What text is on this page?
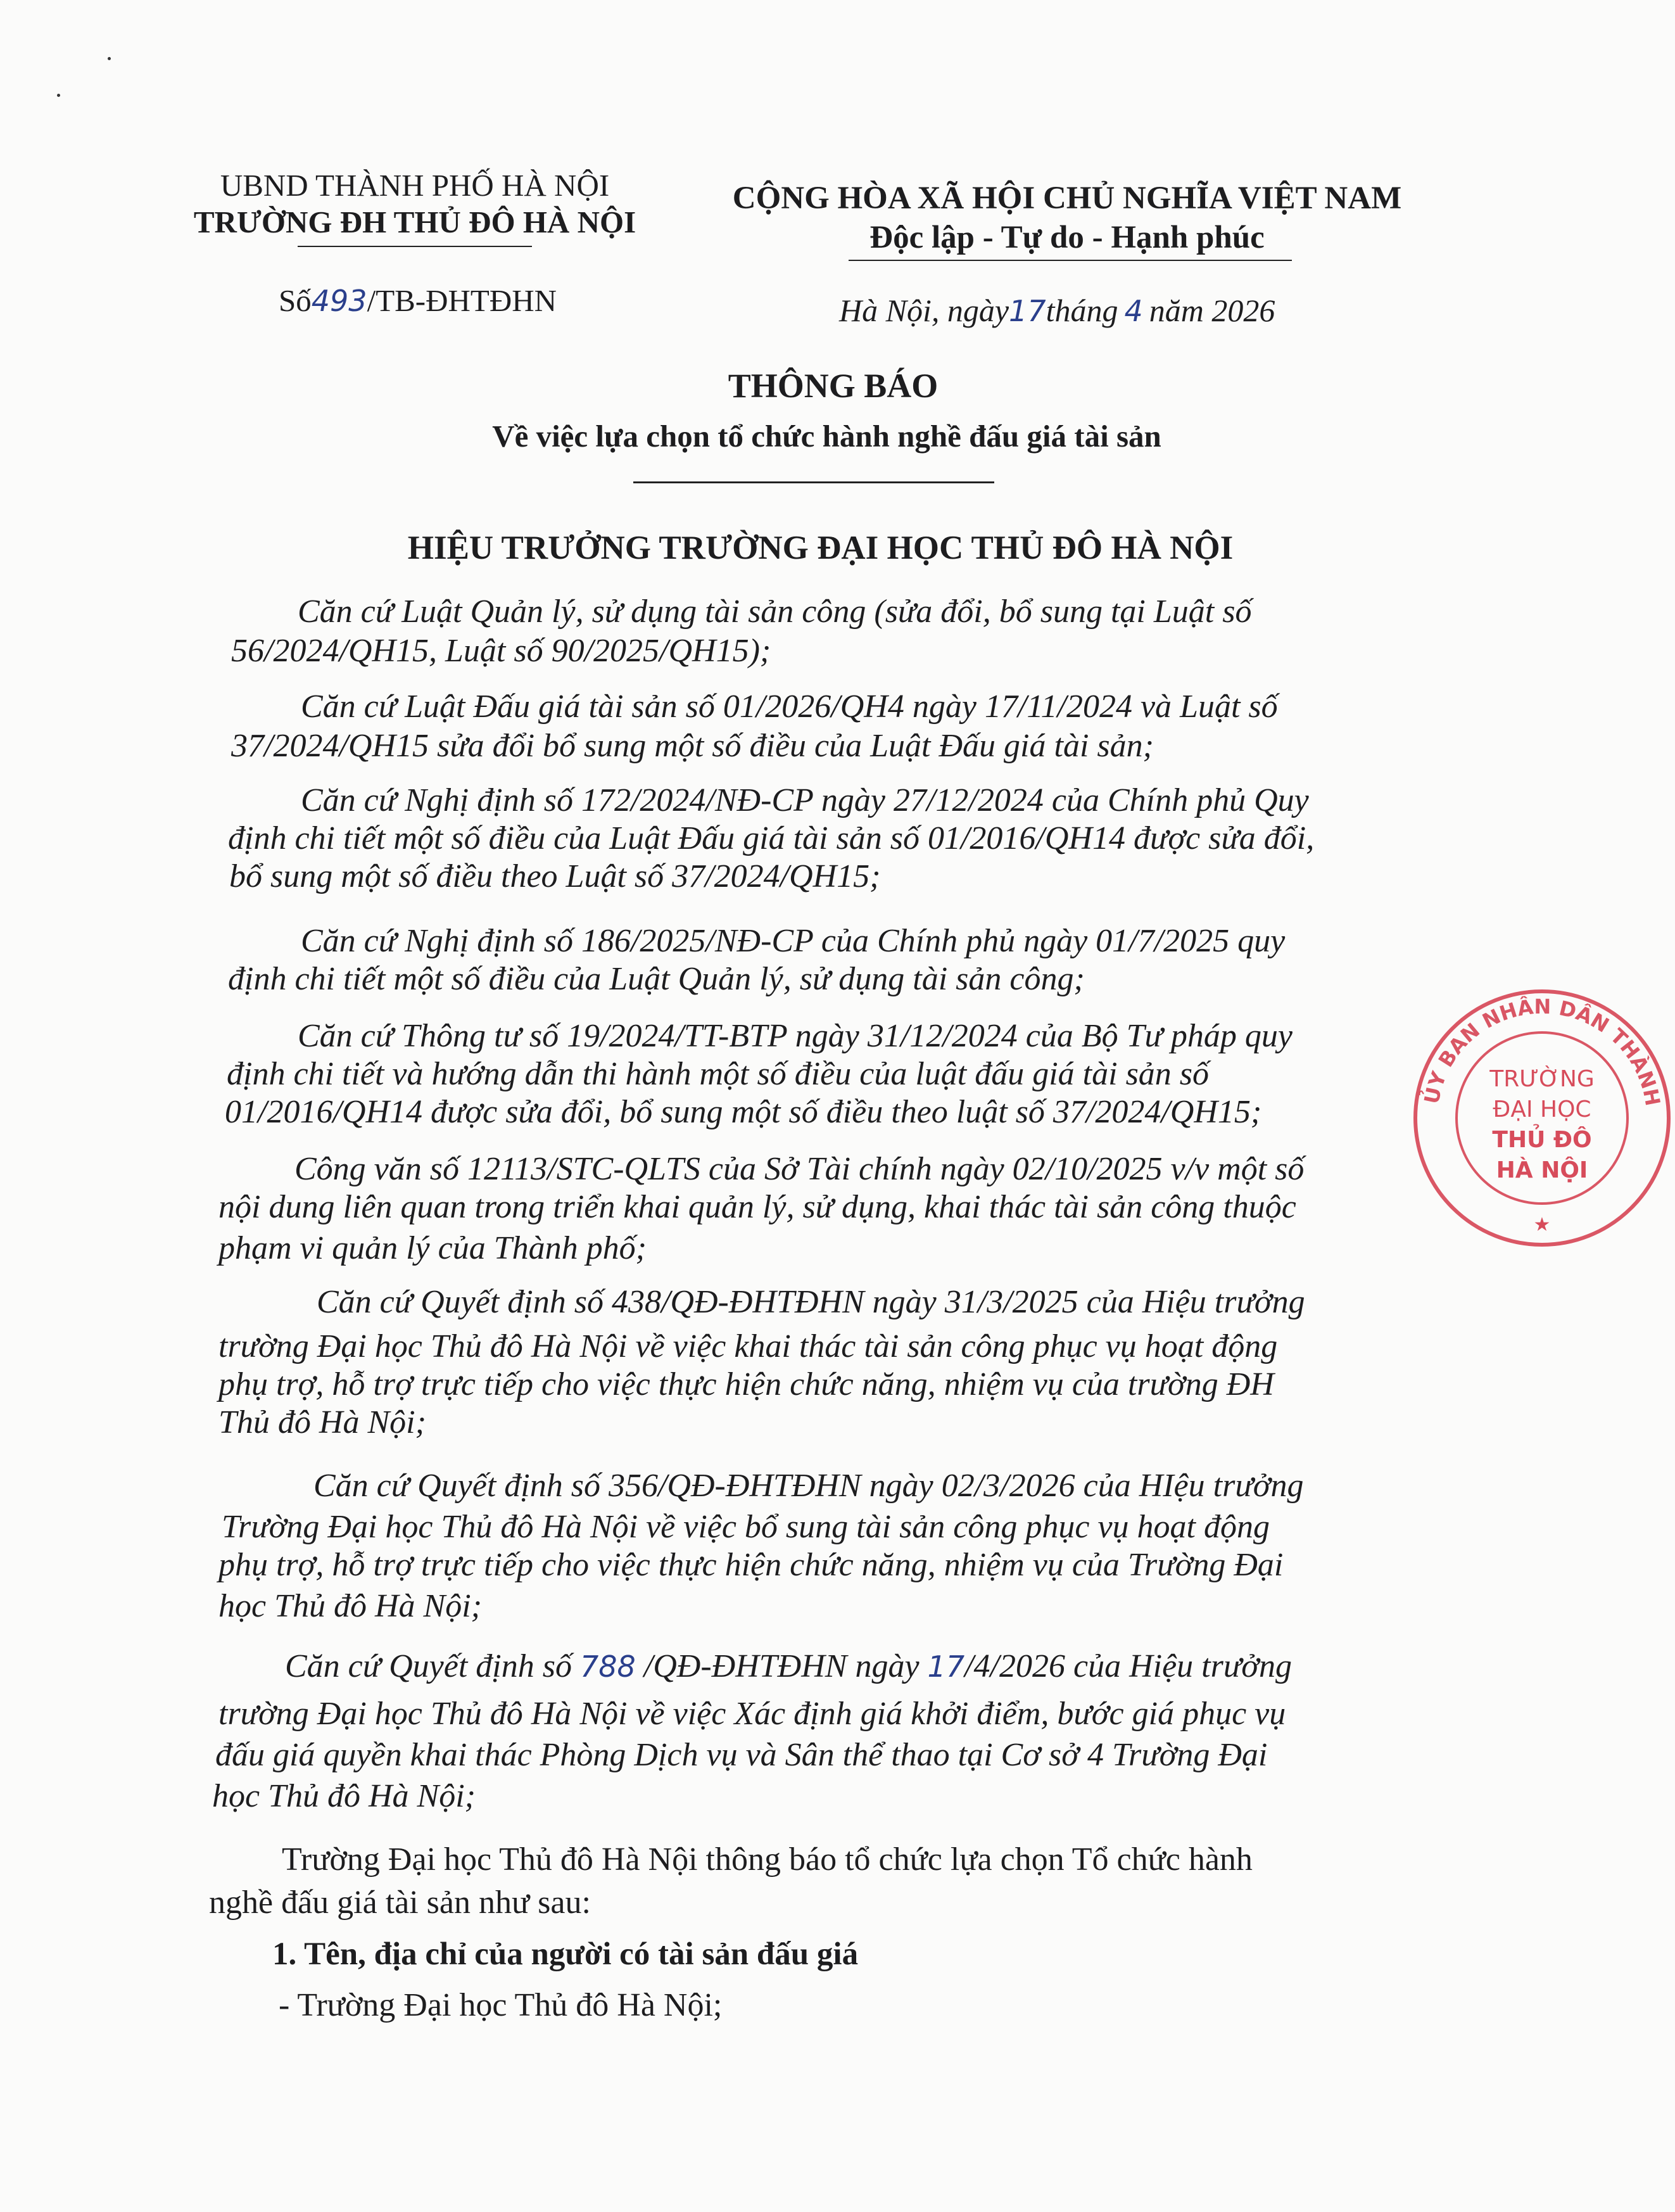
UBND THÀNH PHỐ HÀ NỘI
TRƯỜNG ĐH THỦ ĐÔ HÀ NỘI
Số493/TB-ĐHTĐHN
CỘNG HÒA XÃ HỘI CHỦ NGHĨA VIỆT NAM
Độc lập - Tự do - Hạnh phúc
Hà Nội, ngày17tháng 4 năm 2026
THÔNG BÁO
Về việc lựa chọn tổ chức hành nghề đấu giá tài sản
HIỆU TRƯỞNG TRƯỜNG ĐẠI HỌC THỦ ĐÔ HÀ NỘI
Căn cứ Luật Quản lý, sử dụng tài sản công (sửa đổi, bổ sung tại Luật số
56/2024/QH15, Luật số 90/2025/QH15);
Căn cứ Luật Đấu giá tài sản số 01/2026/QH4 ngày 17/11/2024 và Luật số
37/2024/QH15 sửa đổi bổ sung một số điều của Luật Đấu giá tài sản;
Căn cứ Nghị định số 172/2024/NĐ-CP ngày 27/12/2024 của Chính phủ Quy
định chi tiết một số điều của Luật Đấu giá tài sản số 01/2016/QH14 được sửa đổi,
bổ sung một số điều theo Luật số 37/2024/QH15;
Căn cứ Nghị định số 186/2025/NĐ-CP của Chính phủ ngày 01/7/2025 quy
định chi tiết một số điều của Luật Quản lý, sử dụng tài sản công;
Căn cứ Thông tư số 19/2024/TT-BTP ngày 31/12/2024 của Bộ Tư pháp quy
định chi tiết và hướng dẫn thi hành một số điều của luật đấu giá tài sản số
01/2016/QH14 được sửa đổi, bổ sung một số điều theo luật số 37/2024/QH15;
Công văn số 12113/STC-QLTS của Sở Tài chính ngày 02/10/2025 v/v một số
nội dung liên quan trong triển khai quản lý, sử dụng, khai thác tài sản công thuộc
phạm vi quản lý của Thành phố;
Căn cứ Quyết định số 438/QĐ-ĐHTĐHN ngày 31/3/2025 của Hiệu trưởng
trường Đại học Thủ đô Hà Nội về việc khai thác tài sản công phục vụ hoạt động
phụ trợ, hỗ trợ trực tiếp cho việc thực hiện chức năng, nhiệm vụ của trường ĐH
Thủ đô Hà Nội;
Căn cứ Quyết định số 356/QĐ-ĐHTĐHN ngày 02/3/2026 của HIệu trưởng
Trường Đại học Thủ đô Hà Nội về việc bổ sung tài sản công phục vụ hoạt động
phụ trợ, hỗ trợ trực tiếp cho việc thực hiện chức năng, nhiệm vụ của Trường Đại
học Thủ đô Hà Nội;
Căn cứ Quyết định số 788 /QĐ-ĐHTĐHN ngày 17/4/2026 của Hiệu trưởng
trường Đại học Thủ đô Hà Nội về việc Xác định giá khởi điểm, bước giá phục vụ
đấu giá quyền khai thác Phòng Dịch vụ và Sân thể thao tại Cơ sở 4 Trường Đại
học Thủ đô Hà Nội;
Trường Đại học Thủ đô Hà Nội thông báo tổ chức lựa chọn Tổ chức hành
nghề đấu giá tài sản như sau:
1. Tên, địa chỉ của người có tài sản đấu giá
- Trường Đại học Thủ đô Hà Nội;
ỦY BAN NHÂN DÂN THÀNH
TRƯỜNG
ĐẠI HỌC
THỦ ĐÔ
HÀ NỘI
★
